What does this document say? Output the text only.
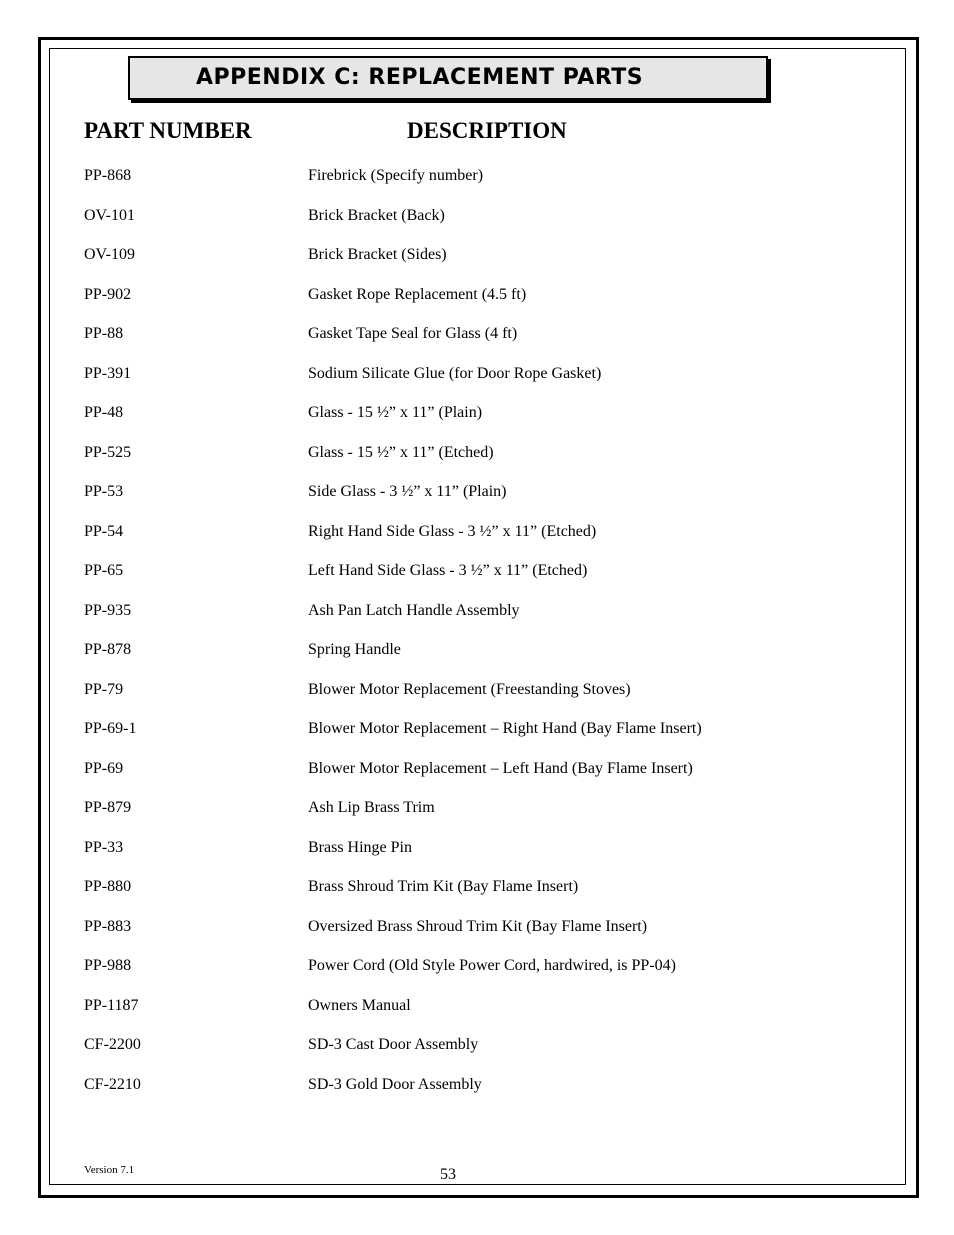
APPENDIX C: REPLACEMENT PARTS
PART NUMBER	DESCRIPTION
PP-868	Firebrick (Specify number)
OV-101	Brick Bracket (Back)
OV-109	Brick Bracket (Sides)
PP-902	Gasket Rope Replacement (4.5 ft)
PP-88	Gasket Tape Seal for Glass (4 ft)
PP-391	Sodium Silicate Glue (for Door Rope Gasket)
PP-48	Glass - 15 ½” x 11” (Plain)
PP-525	Glass - 15 ½” x 11” (Etched)
PP-53	Side Glass - 3 ½” x 11” (Plain)
PP-54	Right Hand Side Glass - 3 ½” x 11” (Etched)
PP-65	Left Hand Side Glass - 3 ½” x 11” (Etched)
PP-935	Ash Pan Latch Handle Assembly
PP-878	Spring Handle
PP-79	Blower Motor Replacement (Freestanding Stoves)
PP-69-1	Blower Motor Replacement – Right Hand (Bay Flame Insert)
PP-69	Blower Motor Replacement – Left Hand (Bay Flame Insert)
PP-879	Ash Lip Brass Trim
PP-33	Brass Hinge Pin
PP-880	Brass Shroud Trim Kit (Bay Flame Insert)
PP-883	Oversized Brass Shroud Trim Kit (Bay Flame Insert)
PP-988	Power Cord (Old Style Power Cord, hardwired, is PP-04)
PP-1187	Owners Manual
CF-2200	SD-3 Cast Door Assembly
CF-2210	SD-3 Gold Door Assembly
Version 7.1	53
